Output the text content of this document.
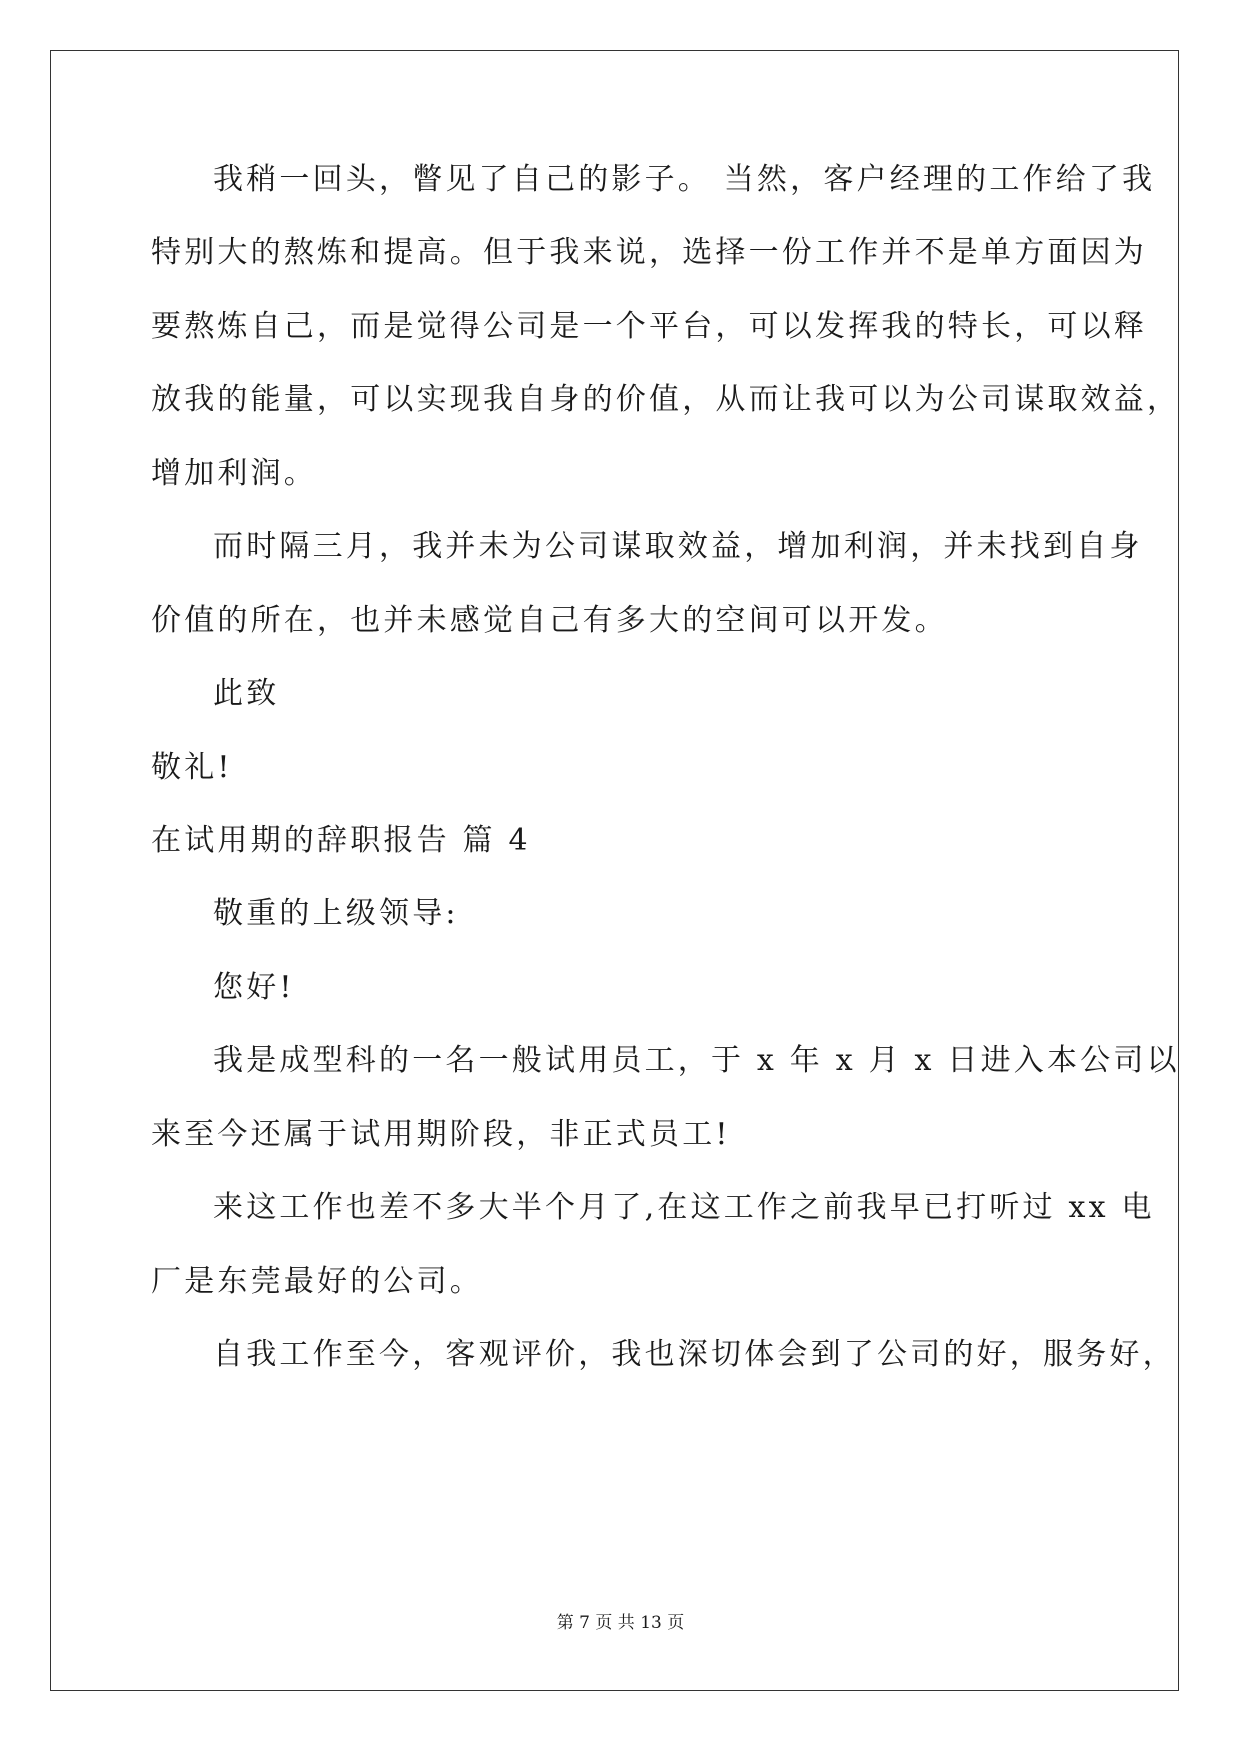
我稍一回头，瞥见了自己的影子。 当然，客户经理的工作给了我
特别大的熬炼和提高。但于我来说，选择一份工作并不是单方面因为
要熬炼自己，而是觉得公司是一个平台，可以发挥我的特长，可以释
放我的能量，可以实现我自身的价值，从而让我可以为公司谋取效益，
增加利润。
而时隔三月，我并未为公司谋取效益，增加利润，并未找到自身
价值的所在，也并未感觉自己有多大的空间可以开发。
此致
敬礼!
在试用期的辞职报告 篇 4
敬重的上级领导:
您好!
我是成型科的一名一般试用员工，于 x 年 x 月 x 日进入本公司以
来至今还属于试用期阶段，非正式员工!
来这工作也差不多大半个月了,在这工作之前我早已打听过 xx 电
厂是东莞最好的公司。
自我工作至今，客观评价，我也深切体会到了公司的好，服务好，
第 7 页 共 13 页
